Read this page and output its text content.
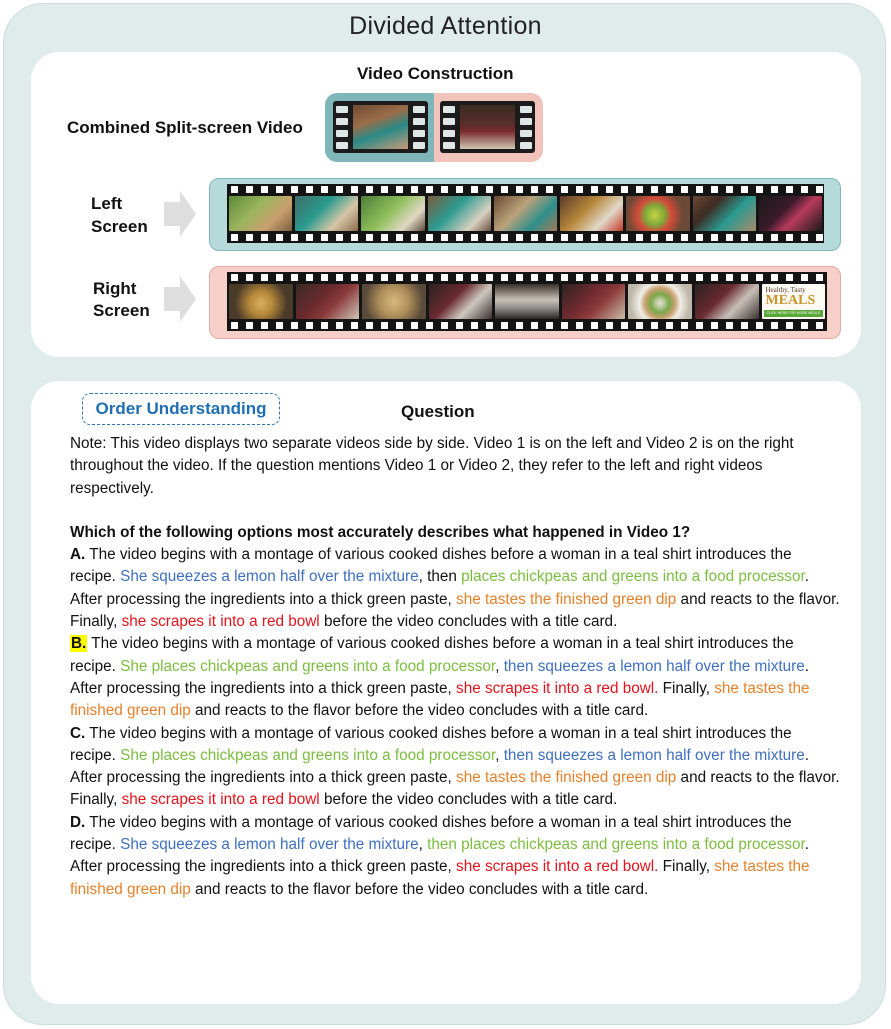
Divided Attention
Video Construction
Combined Split-screen Video
Left
Screen
Right
Screen
Healthy, Tasty
MEALS
CLICK HERE FOR MORE MEALS
Order Understanding	Question

Note: This video displays two separate videos side by side. Video 1 is on the left and Video 2 is on the right throughout the video. If the question mentions Video 1 or Video 2, they refer to the left and right videos respectively.

Which of the following options most accurately describes what happened in Video 1?

A. The video begins with a montage of various cooked dishes before a woman in a teal shirt introduces the recipe. She squeezes a lemon half over the mixture, then places chickpeas and greens into a food processor. After processing the ingredients into a thick green paste, she tastes the finished green dip and reacts to the flavor. Finally, she scrapes it into a red bowl before the video concludes with a title card.

B. The video begins with a montage of various cooked dishes before a woman in a teal shirt introduces the recipe. She places chickpeas and greens into a food processor, then squeezes a lemon half over the mixture. After processing the ingredients into a thick green paste, she scrapes it into a red bowl. Finally, she tastes the finished green dip and reacts to the flavor before the video concludes with a title card.

C. The video begins with a montage of various cooked dishes before a woman in a teal shirt introduces the recipe. She places chickpeas and greens into a food processor, then squeezes a lemon half over the mixture. After processing the ingredients into a thick green paste, she tastes the finished green dip and reacts to the flavor. Finally, she scrapes it into a red bowl before the video concludes with a title card.

D. The video begins with a montage of various cooked dishes before a woman in a teal shirt introduces the recipe. She squeezes a lemon half over the mixture, then places chickpeas and greens into a food processor. After processing the ingredients into a thick green paste, she scrapes it into a red bowl. Finally, she tastes the finished green dip and reacts to the flavor before the video concludes with a title card.
